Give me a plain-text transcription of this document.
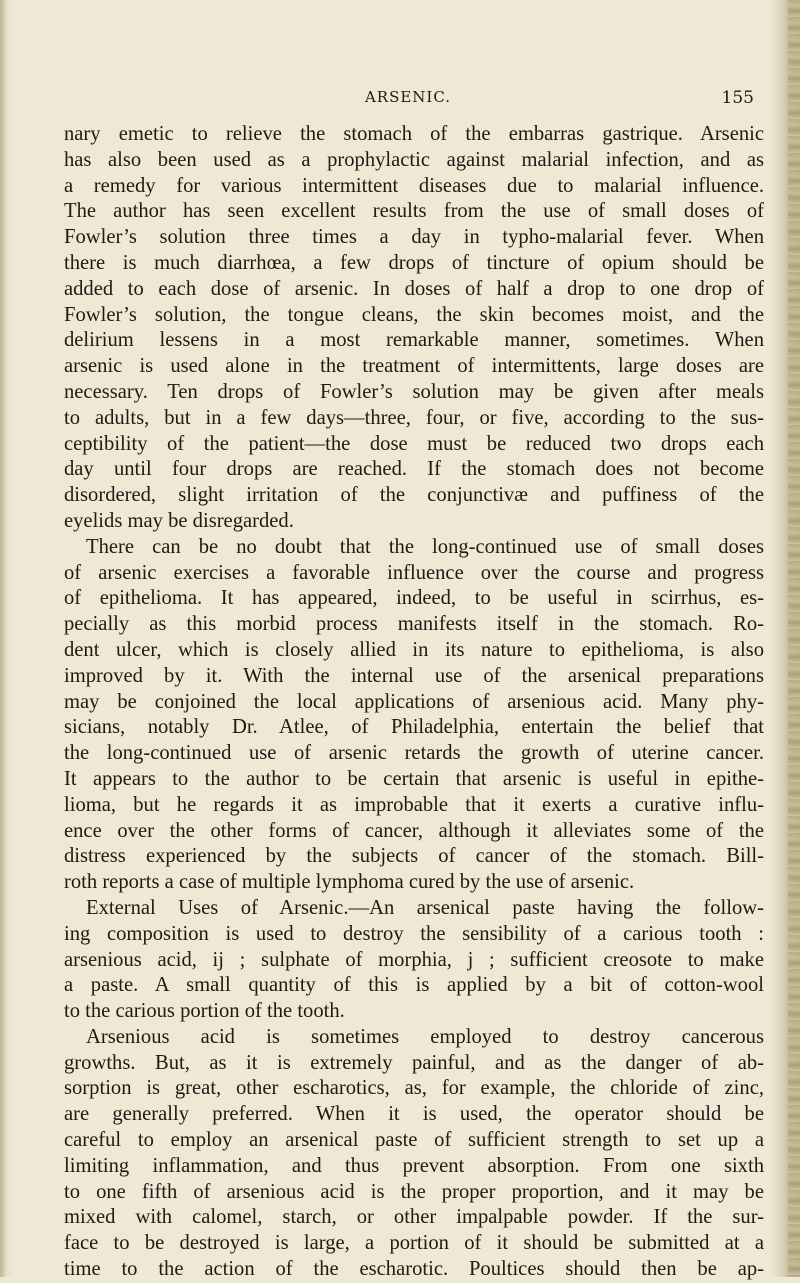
ARSENIC.	155
nary emetic to relieve the stomach of the embarras gastrique. Arsenic
has also been used as a prophylactic against malarial infection, and as
a remedy for various intermittent diseases due to malarial influence.
The author has seen excellent results from the use of small doses of
Fowler’s solution three times a day in typho-malarial fever. When
there is much diarrhœa, a few drops of tincture of opium should be
added to each dose of arsenic. In doses of half a drop to one drop of
Fowler’s solution, the tongue cleans, the skin becomes moist, and the
delirium lessens in a most remarkable manner, sometimes. When
arsenic is used alone in the treatment of intermittents, large doses are
necessary. Ten drops of Fowler’s solution may be given after meals
to adults, but in a few days—three, four, or five, according to the sus-
ceptibility of the patient—the dose must be reduced two drops each
day until four drops are reached. If the stomach does not become
disordered, slight irritation of the conjunctivæ and puffiness of the
eyelids may be disregarded.
There can be no doubt that the long-continued use of small doses
of arsenic exercises a favorable influence over the course and progress
of epithelioma. It has appeared, indeed, to be useful in scirrhus, es-
pecially as this morbid process manifests itself in the stomach. Ro-
dent ulcer, which is closely allied in its nature to epithelioma, is also
improved by it. With the internal use of the arsenical preparations
may be conjoined the local applications of arsenious acid. Many phy-
sicians, notably Dr. Atlee, of Philadelphia, entertain the belief that
the long-continued use of arsenic retards the growth of uterine cancer.
It appears to the author to be certain that arsenic is useful in epithe-
lioma, but he regards it as improbable that it exerts a curative influ-
ence over the other forms of cancer, although it alleviates some of the
distress experienced by the subjects of cancer of the stomach. Bill-
roth reports a case of multiple lymphoma cured by the use of arsenic.
External Uses of Arsenic.—An arsenical paste having the follow-
ing composition is used to destroy the sensibility of a carious tooth :
arsenious acid, ij ; sulphate of morphia, j ; sufficient creosote to make
a paste. A small quantity of this is applied by a bit of cotton-wool
to the carious portion of the tooth.
Arsenious acid is sometimes employed to destroy cancerous
growths. But, as it is extremely painful, and as the danger of ab-
sorption is great, other escharotics, as, for example, the chloride of zinc,
are generally preferred. When it is used, the operator should be
careful to employ an arsenical paste of sufficient strength to set up a
limiting inflammation, and thus prevent absorption. From one sixth
to one fifth of arsenious acid is the proper proportion, and it may be
mixed with calomel, starch, or other impalpable powder. If the sur-
face to be destroyed is large, a portion of it should be submitted at a
time to the action of the escharotic. Poultices should then be ap-
